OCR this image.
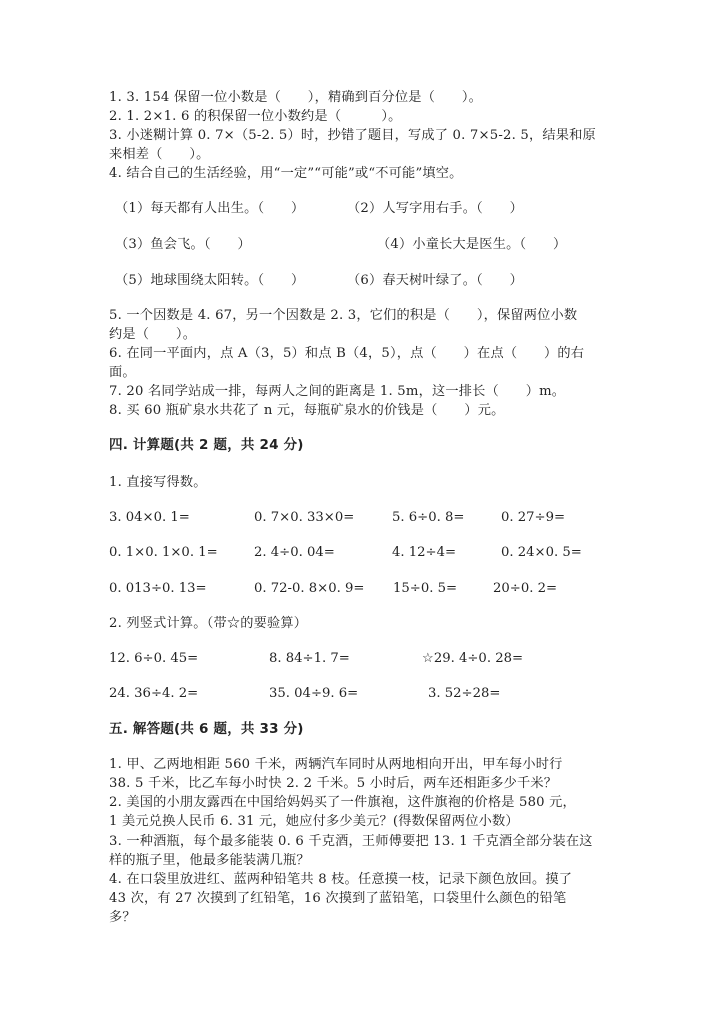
1. 3. 154 保留一位小数是（　　），精确到百分位是（　　）。
2. 1. 2×1. 6 的积保留一位小数约是（　　　）。
3. 小迷糊计算 0. 7×（5-2. 5）时，抄错了题目，写成了 0. 7×5-2. 5，结果和原
来相差（　　）。
4. 结合自己的生活经验，用“一定”“可能”或“不可能”填空。
（1）每天都有人出生。（　　）	（2）人写字用右手。（　　）
（3）鱼会飞。（　　）	（4）小童长大是医生。（　　）
（5）地球围绕太阳转。（　　）	（6）春天树叶绿了。（　　）
5. 一个因数是 4. 67，另一个因数是 2. 3，它们的积是（　　），保留两位小数
约是（　　）。
6. 在同一平面内，点 A（3，5）和点 B（4，5），点（　　）在点（　　）的右
面。
7. 20 名同学站成一排，每两人之间的距离是 1. 5m，这一排长（　　）m。
8. 买 60 瓶矿泉水共花了 n 元，每瓶矿泉水的价钱是（　　）元。
四. 计算题(共 2 题，共 24 分)
1. 直接写得数。
3. 04×0. 1=	0. 7×0. 33×0=	5. 6÷0. 8=	0. 27÷9=
0. 1×0. 1×0. 1=	2. 4÷0. 04=	4. 12÷4=	0. 24×0. 5=
0. 013÷0. 13=	0. 72-0. 8×0. 9= 15÷0. 5=	20÷0. 2=
2. 列竖式计算。（带☆的要验算）
12. 6÷0. 45=	8. 84÷1. 7=	☆29. 4÷0. 28=
24. 36÷4. 2=	35. 04÷9. 6=	3. 52÷28=
五. 解答题(共 6 题，共 33 分)
1. 甲、乙两地相距 560 千米，两辆汽车同时从两地相向开出，甲车每小时行
38. 5 千米，比乙车每小时快 2. 2 千米。5 小时后，两车还相距多少千米？
2. 美国的小朋友露西在中国给妈妈买了一件旗袍，这件旗袍的价格是 580 元，
1 美元兑换人民币 6. 31 元，她应付多少美元？(得数保留两位小数）
3. 一种酒瓶，每个最多能装 0. 6 千克酒，王师傅要把 13. 1 千克酒全部分装在这
样的瓶子里，他最多能装满几瓶？
4. 在口袋里放进红、蓝两种铅笔共 8 枝。任意摸一枝，记录下颜色放回。摸了
43 次，有 27 次摸到了红铅笔，16 次摸到了蓝铅笔，口袋里什么颜色的铅笔
多？
